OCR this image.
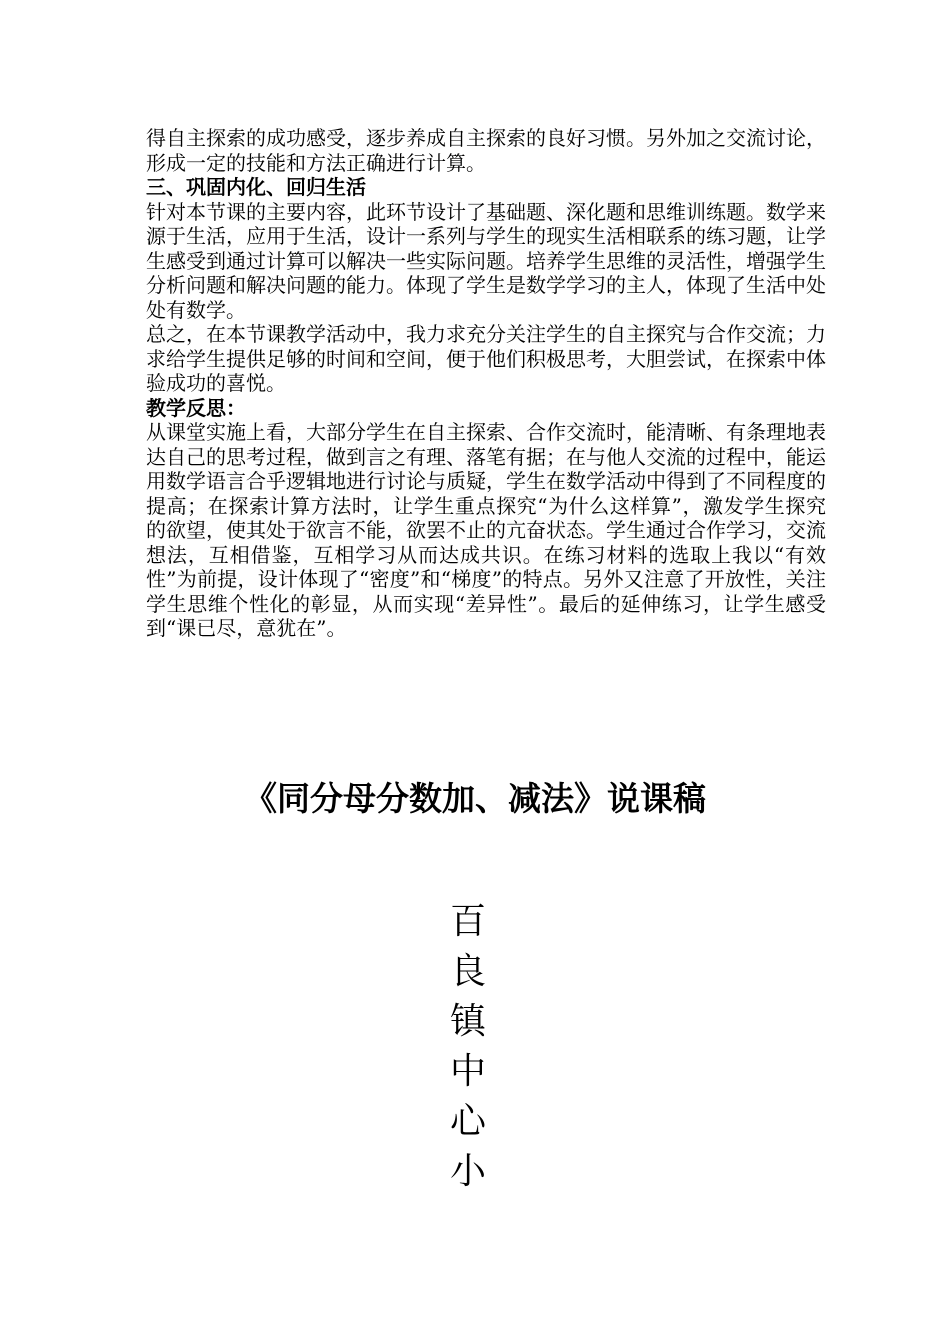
得自主探索的成功感受，逐步养成自主探索的良好习惯。另外加之交流讨论，形成一定的技能和方法正确进行计算。

三、巩固内化、回归生活

针对本节课的主要内容，此环节设计了基础题、深化题和思维训练题。数学来源于生活，应用于生活，设计一系列与学生的现实生活相联系的练习题，让学生感受到通过计算可以解决一些实际问题。培养学生思维的灵活性，增强学生分析问题和解决问题的能力。体现了学生是数学学习的主人，体现了生活中处处有数学。

总之，在本节课教学活动中，我力求充分关注学生的自主探究与合作交流；力求给学生提供足够的时间和空间，便于他们积极思考，大胆尝试，在探索中体验成功的喜悦。

教学反思：

从课堂实施上看，大部分学生在自主探索、合作交流时，能清晰、有条理地表达自己的思考过程，做到言之有理、落笔有据；在与他人交流的过程中，能运用数学语言合乎逻辑地进行讨论与质疑，学生在数学活动中得到了不同程度的提高；在探索计算方法时，让学生重点探究“为什么这样算”，激发学生探究的欲望，使其处于欲言不能，欲罢不止的亢奋状态。学生通过合作学习，交流想法，互相借鉴，互相学习从而达成共识。在练习材料的选取上我以“有效性”为前提，设计体现了“密度”和“梯度”的特点。另外又注意了开放性，关注学生思维个性化的彰显，从而实现“差异性”。最后的延伸练习，让学生感受到“课已尽，意犹在”。

《同分母分数加、减法》说课稿
百
良
镇
中
心
小
